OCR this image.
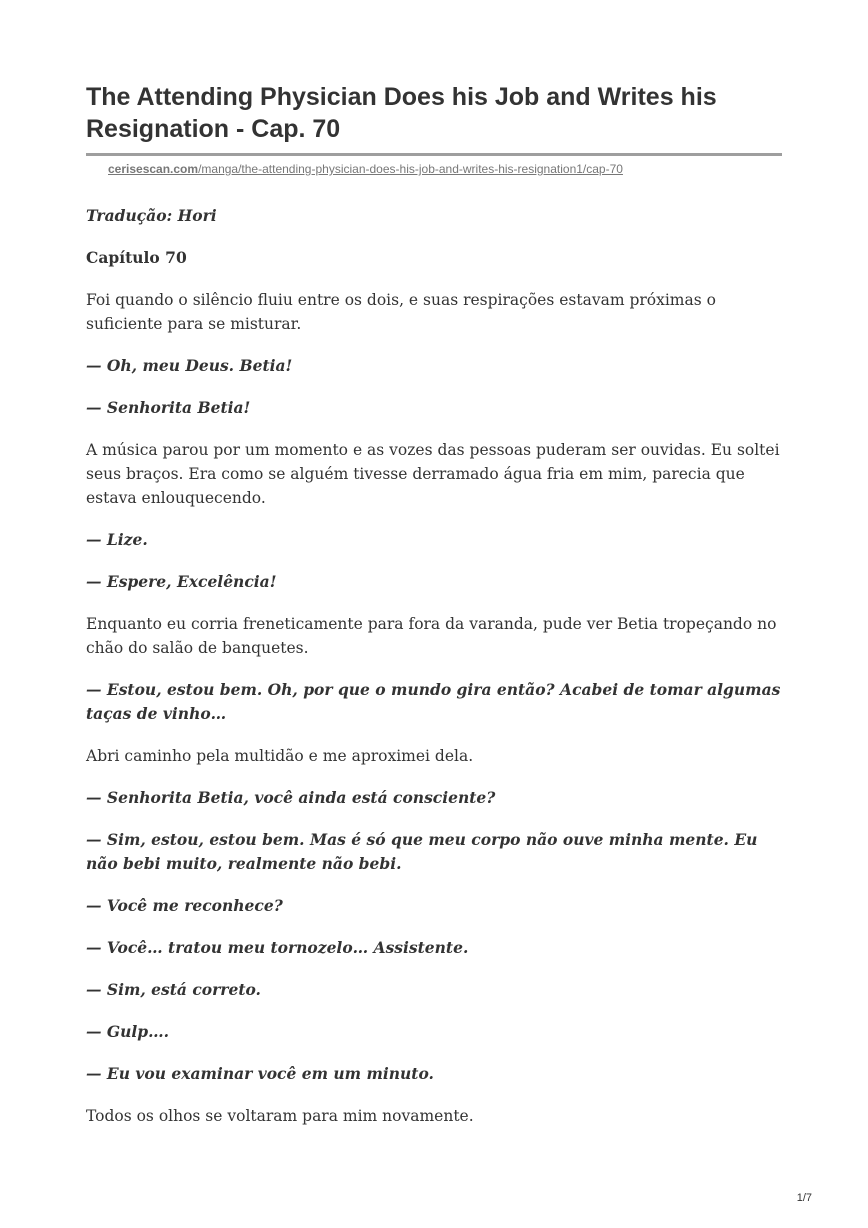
The Attending Physician Does his Job and Writes his Resignation - Cap. 70
cerisescan.com/manga/the-attending-physician-does-his-job-and-writes-his-resignation1/cap-70

Tradução: Hori

Capítulo 70

Foi quando o silêncio fluiu entre os dois, e suas respirações estavam próximas o suficiente para se misturar.

— Oh, meu Deus. Betia!

— Senhorita Betia!

A música parou por um momento e as vozes das pessoas puderam ser ouvidas. Eu soltei seus braços. Era como se alguém tivesse derramado água fria em mim, parecia que estava enlouquecendo.

— Lize.

— Espere, Excelência!

Enquanto eu corria freneticamente para fora da varanda, pude ver Betia tropeçando no chão do salão de banquetes.

— Estou, estou bem. Oh, por que o mundo gira então? Acabei de tomar algumas taças de vinho…

Abri caminho pela multidão e me aproximei dela.

— Senhorita Betia, você ainda está consciente?

— Sim, estou, estou bem. Mas é só que meu corpo não ouve minha mente. Eu não bebi muito, realmente não bebi.

— Você me reconhece?

— Você… tratou meu tornozelo… Assistente.

— Sim, está correto.

— Gulp….

— Eu vou examinar você em um minuto.

Todos os olhos se voltaram para mim novamente.

1/7
